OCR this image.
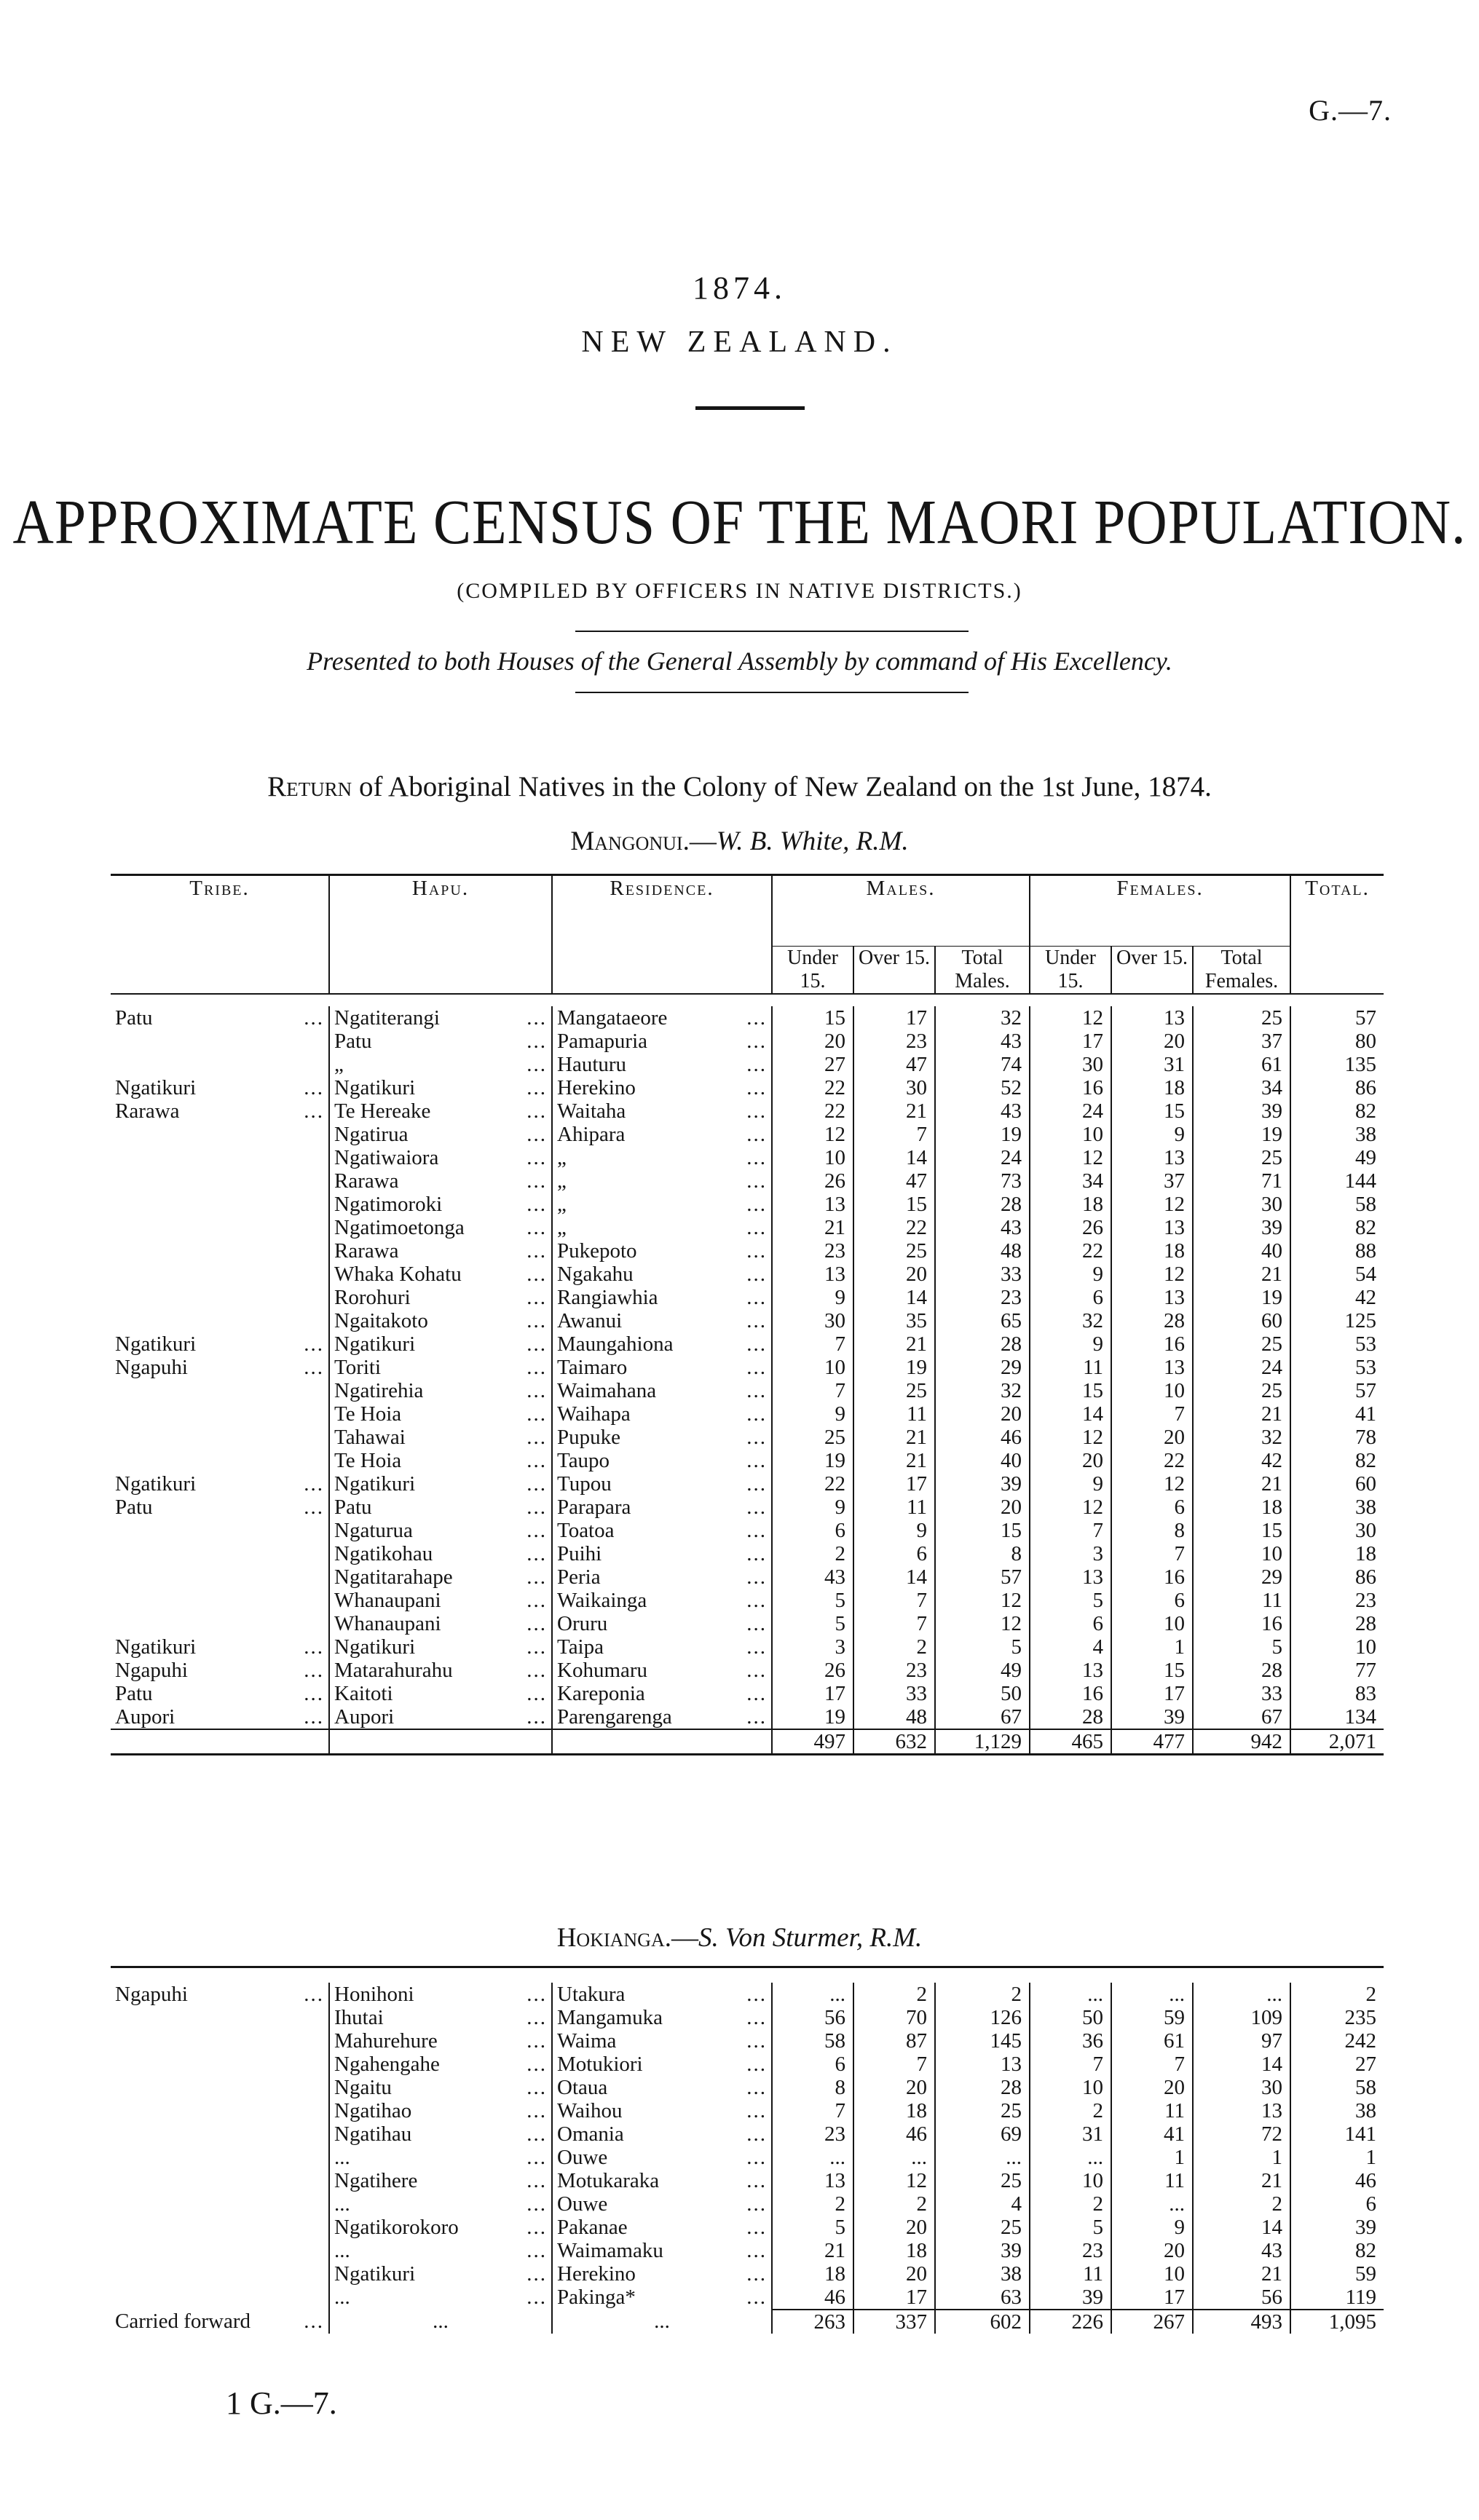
G.—7.
1874.
NEW ZEALAND.
APPROXIMATE CENSUS OF THE MAORI POPULATION.
(COMPILED BY OFFICERS IN NATIVE DISTRICTS.)
Presented to both Houses of the General Assembly by command of His Excellency.
Return of Aboriginal Natives in the Colony of New Zealand on the 1st June, 1874.
Mangonui.—W. B. White, R.M.
Tribe.	Hapu.	Residence.	Males.			Females.			Total.
			Under 15.	Over 15.	Total Males.	Under 15.	Over 15.	Total Females.	

Patu ...	Ngatiterangi ...	Mangataeore ...	15	17	32	12	13	25	57

	Patu ...	Pamapuria ...	20	23	43	17	20	37	80

	„ ...	Hauturu ...	27	47	74	30	31	61	135

Ngatikuri ...	Ngatikuri ...	Herekino ...	22	30	52	16	18	34	86

Rarawa ...	Te Hereake ...	Waitaha ...	22	21	43	24	15	39	82

	Ngatirua ...	Ahipara ...	12	7	19	10	9	19	38

	Ngatiwaiora ...	„ ...	10	14	24	12	13	25	49

	Rarawa ...	„ ...	26	47	73	34	37	71	144

	Ngatimoroki ...	„ ...	13	15	28	18	12	30	58

	Ngatimoetonga ...	„ ...	21	22	43	26	13	39	82

	Rarawa ...	Pukepoto ...	23	25	48	22	18	40	88

	Whaka Kohatu ...	Ngakahu ...	13	20	33	9	12	21	54

	Rorohuri ...	Rangiawhia ...	9	14	23	6	13	19	42

	Ngaitakoto ...	Awanui ...	30	35	65	32	28	60	125

Ngatikuri ...	Ngatikuri ...	Maungahiona ...	7	21	28	9	16	25	53

Ngapuhi ...	Toriti ...	Taimaro ...	10	19	29	11	13	24	53

	Ngatirehia ...	Waimahana ...	7	25	32	15	10	25	57

	Te Hoia ...	Waihapa ...	9	11	20	14	7	21	41

	Tahawai ...	Pupuke ...	25	21	46	12	20	32	78

	Te Hoia ...	Taupo ...	19	21	40	20	22	42	82

Ngatikuri ...	Ngatikuri ...	Tupou ...	22	17	39	9	12	21	60

Patu ...	Patu ...	Parapara ...	9	11	20	12	6	18	38

	Ngaturua ...	Toatoa ...	6	9	15	7	8	15	30

	Ngatikohau ...	Puihi ...	2	6	8	3	7	10	18

	Ngatitarahape ...	Peria ...	43	14	57	13	16	29	86

	Whanaupani ...	Waikainga ...	5	7	12	5	6	11	23

	Whanaupani ...	Oruru ...	5	7	12	6	10	16	28

Ngatikuri ...	Ngatikuri ...	Taipa ...	3	2	5	4	1	5	10

Ngapuhi ...	Matarahurahu ...	Kohumaru ...	26	23	49	13	15	28	77

Patu ...	Kaitoti ...	Kareponia ...	17	33	50	16	17	33	83

Aupori ...	Aupori ...	Parengarenga ...	19	48	67	28	39	67	134
			497	632	1,129	465	477	942	2,071

Hokianga.—S. Von Sturmer, R.M.

Ngapuhi ...	Honihoni ...	Utakura ...	...	2	2	...	...	...	2

	Ihutai ...	Mangamuka ...	56	70	126	50	59	109	235

	Mahurehure ...	Waima ...	58	87	145	36	61	97	242

	Ngahengahe ...	Motukiori ...	6	7	13	7	7	14	27

	Ngaitu ...	Otaua ...	8	20	28	10	20	30	58

	Ngatihao ...	Waihou ...	7	18	25	2	11	13	38

	Ngatihau ...	Omania ...	23	46	69	31	41	72	141

	... ...	Ouwe ...	...	...	...	...	1	1	1

	Ngatihere ...	Motukaraka ...	13	12	25	10	11	21	46

	... ...	Ouwe ...	2	2	4	2	...	2	6

	Ngatikorokoro ...	Pakanae ...	5	20	25	5	9	14	39

	... ...	Waimamaku ...	21	18	39	23	20	43	82

	Ngatikuri ...	Herekino ...	18	20	38	11	10	21	59

	... ...	Pakinga* ...	46	17	63	39	17	56	119

Carried forward ...	...	...	263	337	602	226	267	493	1,095
1 G.—7.
